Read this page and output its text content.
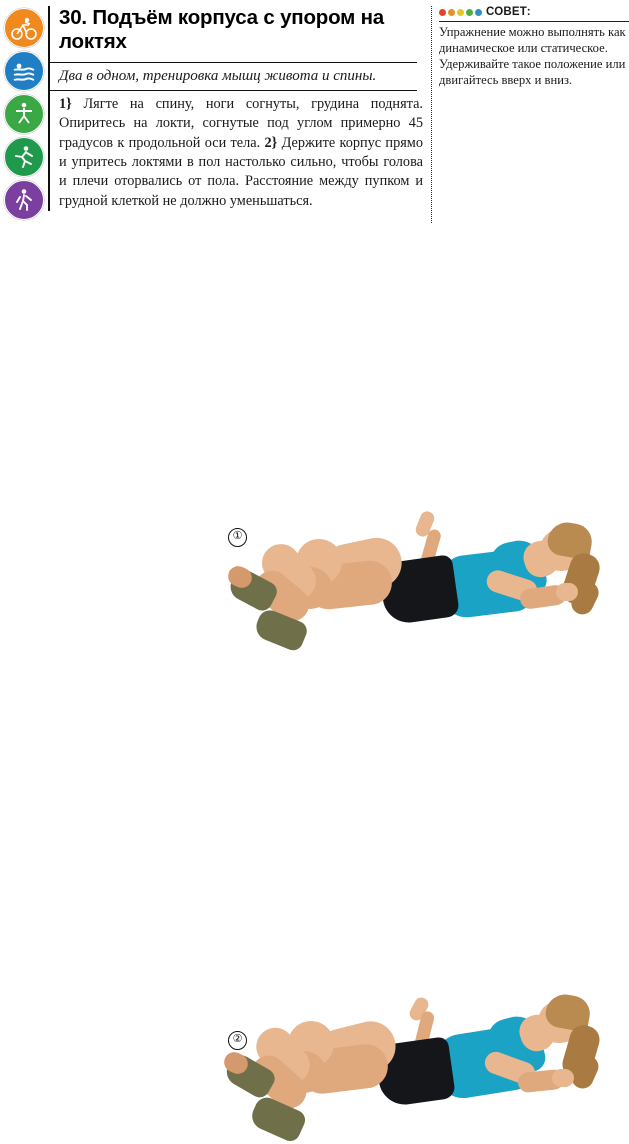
30. Подъём корпуса с упором на локтях

Два в одном, тренировка мышц живота и спины.

1} Лягте на спину, ноги согнуты, грудина поднята. Опиритесь на локти, согнутые под углом примерно 45 градусов к продольной оси тела. 2} Держите корпус прямо и упритесь локтями в пол настолько сильно, чтобы голова и плечи оторвались от пола. Расстояние между пупком и грудной клеткой не должно уменьшаться.

СОВЕТ:

Упражнение можно выполнять как динамическое или статическое. Удерживайте такое положение или двигайтесь вверх и вниз.

①
②
